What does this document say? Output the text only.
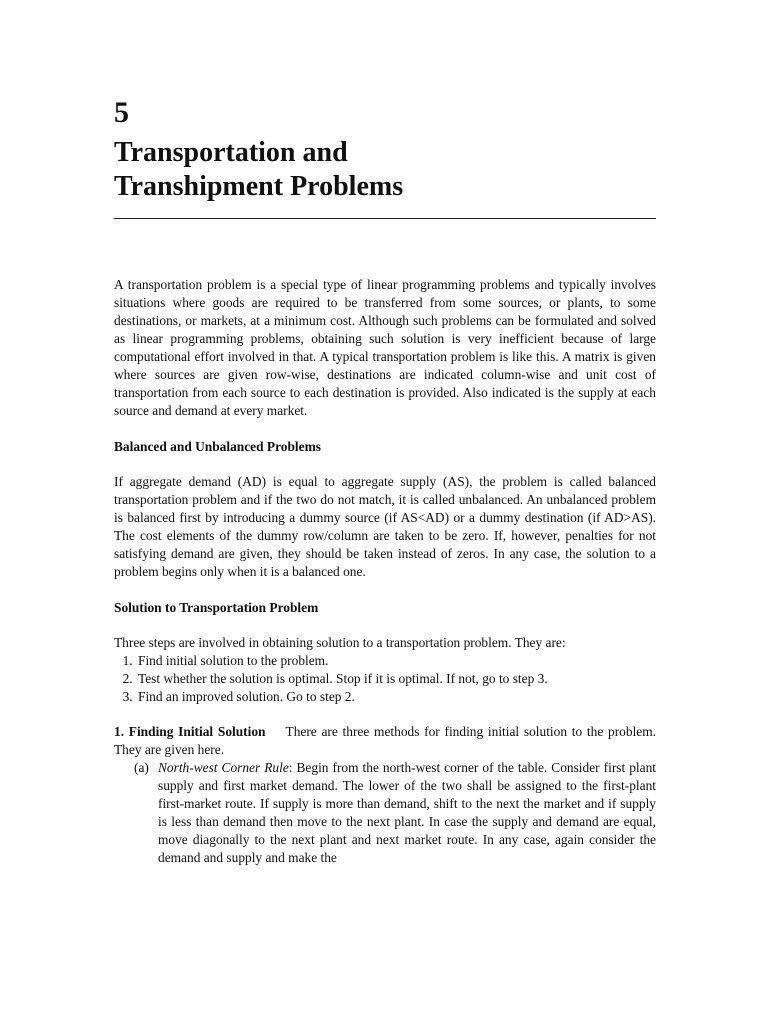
5
Transportation and
Transhipment Problems

A transportation problem is a special type of linear programming problems and typically involves situations where goods are required to be transferred from some sources, or plants, to some destinations, or markets, at a minimum cost. Although such problems can be formulated and solved as linear programming problems, obtaining such solution is very inefficient because of large computational effort involved in that. A typical transportation problem is like this. A matrix is given where sources are given row-wise, destinations are indicated column-wise and unit cost of transportation from each source to each destination is provided. Also indicated is the supply at each source and demand at every market.

Balanced and Unbalanced Problems

If aggregate demand (AD) is equal to aggregate supply (AS), the problem is called balanced transportation problem and if the two do not match, it is called unbalanced. An unbalanced problem is balanced first by introducing a dummy source (if AS<AD) or a dummy destination (if AD>AS). The cost elements of the dummy row/column are taken to be zero. If, however, penalties for not satisfying demand are given, they should be taken instead of zeros. In any case, the solution to a problem begins only when it is a balanced one.

Solution to Transportation Problem

Three steps are involved in obtaining solution to a transportation problem. They are:

1. Find initial solution to the problem.
2. Test whether the solution is optimal. Stop if it is optimal. If not, go to step 3.
3. Find an improved solution. Go to step 2.

1. Finding Initial Solution There are three methods for finding initial solution to the problem. They are given here.

(a) North-west Corner Rule: Begin from the north-west corner of the table. Consider first plant supply and first market demand. The lower of the two shall be assigned to the first-plant first-market route. If supply is more than demand, shift to the next the market and if supply is less than demand then move to the next plant. In case the supply and demand are equal, move diagonally to the next plant and next market route. In any case, again consider the demand and supply and make the
